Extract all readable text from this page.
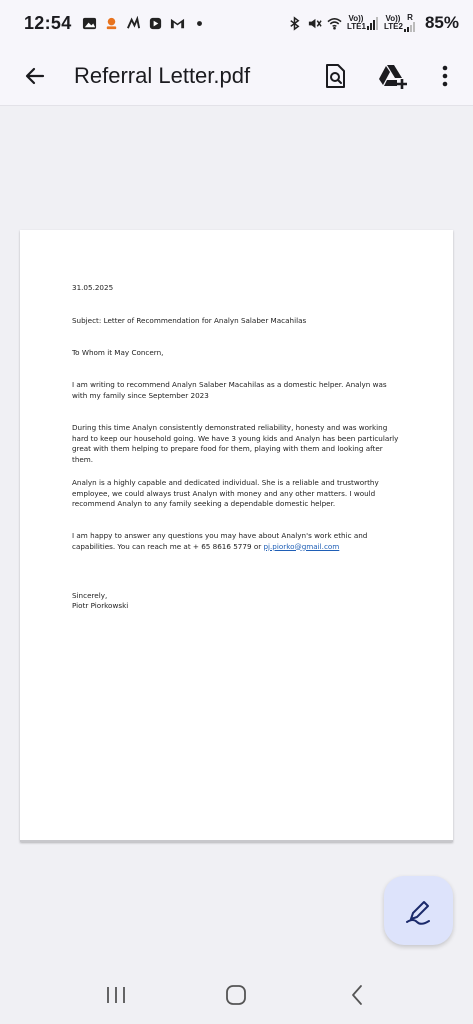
12:54	Vo)) LTE1
Vo)) LTE2
R 85%
Referral Letter.pdf
31.05.2025
Subject: Letter of Recommendation for Analyn Salaber Macahilas
To Whom it May Concern,
I am writing to recommend Analyn Salaber Macahilas as a domestic helper. Analyn was with my family since September 2023
During this time Analyn consistently demonstrated reliability, honesty and was working hard to keep our household going. We have 3 young kids and Analyn has been particularly great with them helping to prepare food for them, playing with them and looking after them.
Analyn is a highly capable and dedicated individual. She is a reliable and trustworthy employee, we could always trust Analyn with money and any other matters. I would recommend Analyn to any family seeking a dependable domestic helper.
I am happy to answer any questions you may have about Analyn's work ethic and capabilities. You can reach me at + 65 8616 5779 or pj.piorko@gmail.com
Sincerely,
Piotr Piorkowski
